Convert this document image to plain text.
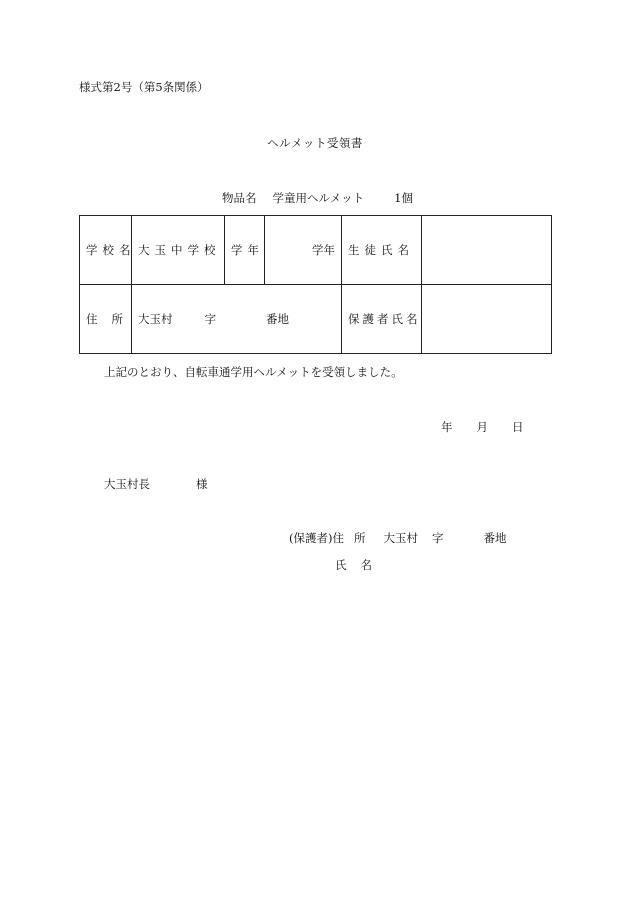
様式第2号（第5条関係）
ヘルメット受領書
物品名 学童用ヘルメット	1個
学校名	大玉中学校	学年	学年	生徒氏名	
住所	大玉村 字 番地			保護者氏名	
上記のとおり、自転車通学用ヘルメットを受領しました。
年 月 日
大玉村長	様
(保護者)住所 大玉村 字	番地
氏名
